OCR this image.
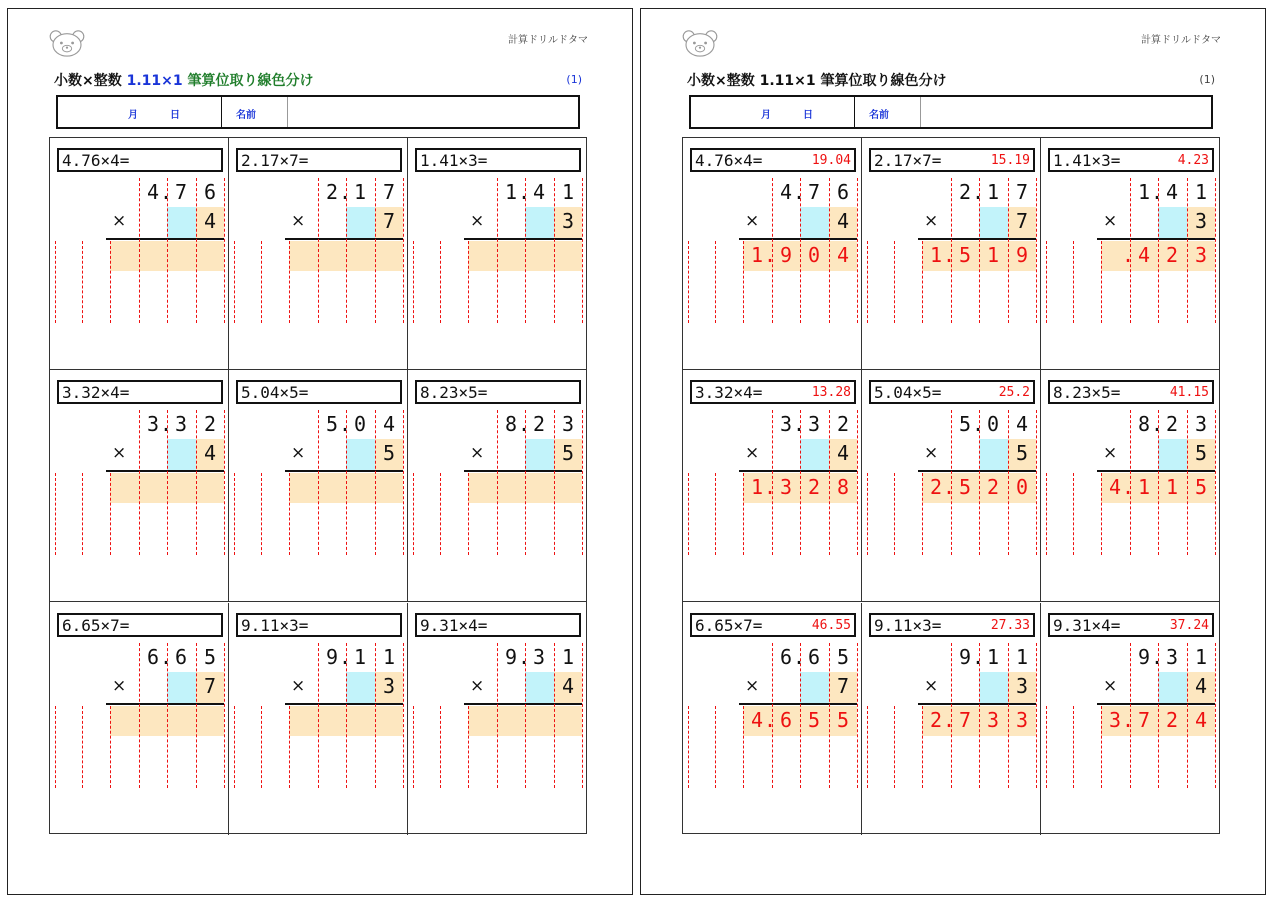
計算ドリルドタマ
小数×整数 1.11×1 筆算位取り線色分け	(1)
月	日	名前
4.76×4=
4 7 6
.
×	4
2.17×7=
2 1 7
.
×	7
1.41×3=
1 4 1
.
×	3
3.32×4=
3 3 2
.
×	4
5.04×5=
5 0 4
.
×	5
8.23×5=
8 2 3
.
×	5
6.65×7=
6 6 5
.
×	7
9.11×3=
9 1 1
.
×	3
9.31×4=
9 3 1
.
×	4
計算ドリルドタマ
小数×整数 1.11×1 筆算位取り線色分け	(1)
月	日	名前
4.76×4=	19.04
4 7 6
.
×	4
1 9 0 4
.
2.17×7=	15.19
2 1 7
.
×	7
1 5 1 9
.
1.41×3=	4.23
1 4 1
.
×	3
4 2 3
.
3.32×4=	13.28
3 3 2
.
×	4
1 3 2 8
.
5.04×5=	25.2
5 0 4
.
×	5
2 5 2 0
.
8.23×5=	41.15
8 2 3
.
×	5
4 1 1 5
.
6.65×7=	46.55
6 6 5
.
×	7
4 6 5 5
.
9.11×3=	27.33
9 1 1
.
×	3
2 7 3 3
.
9.31×4=	37.24
9 3 1
.
×	4
3 7 2 4
.
